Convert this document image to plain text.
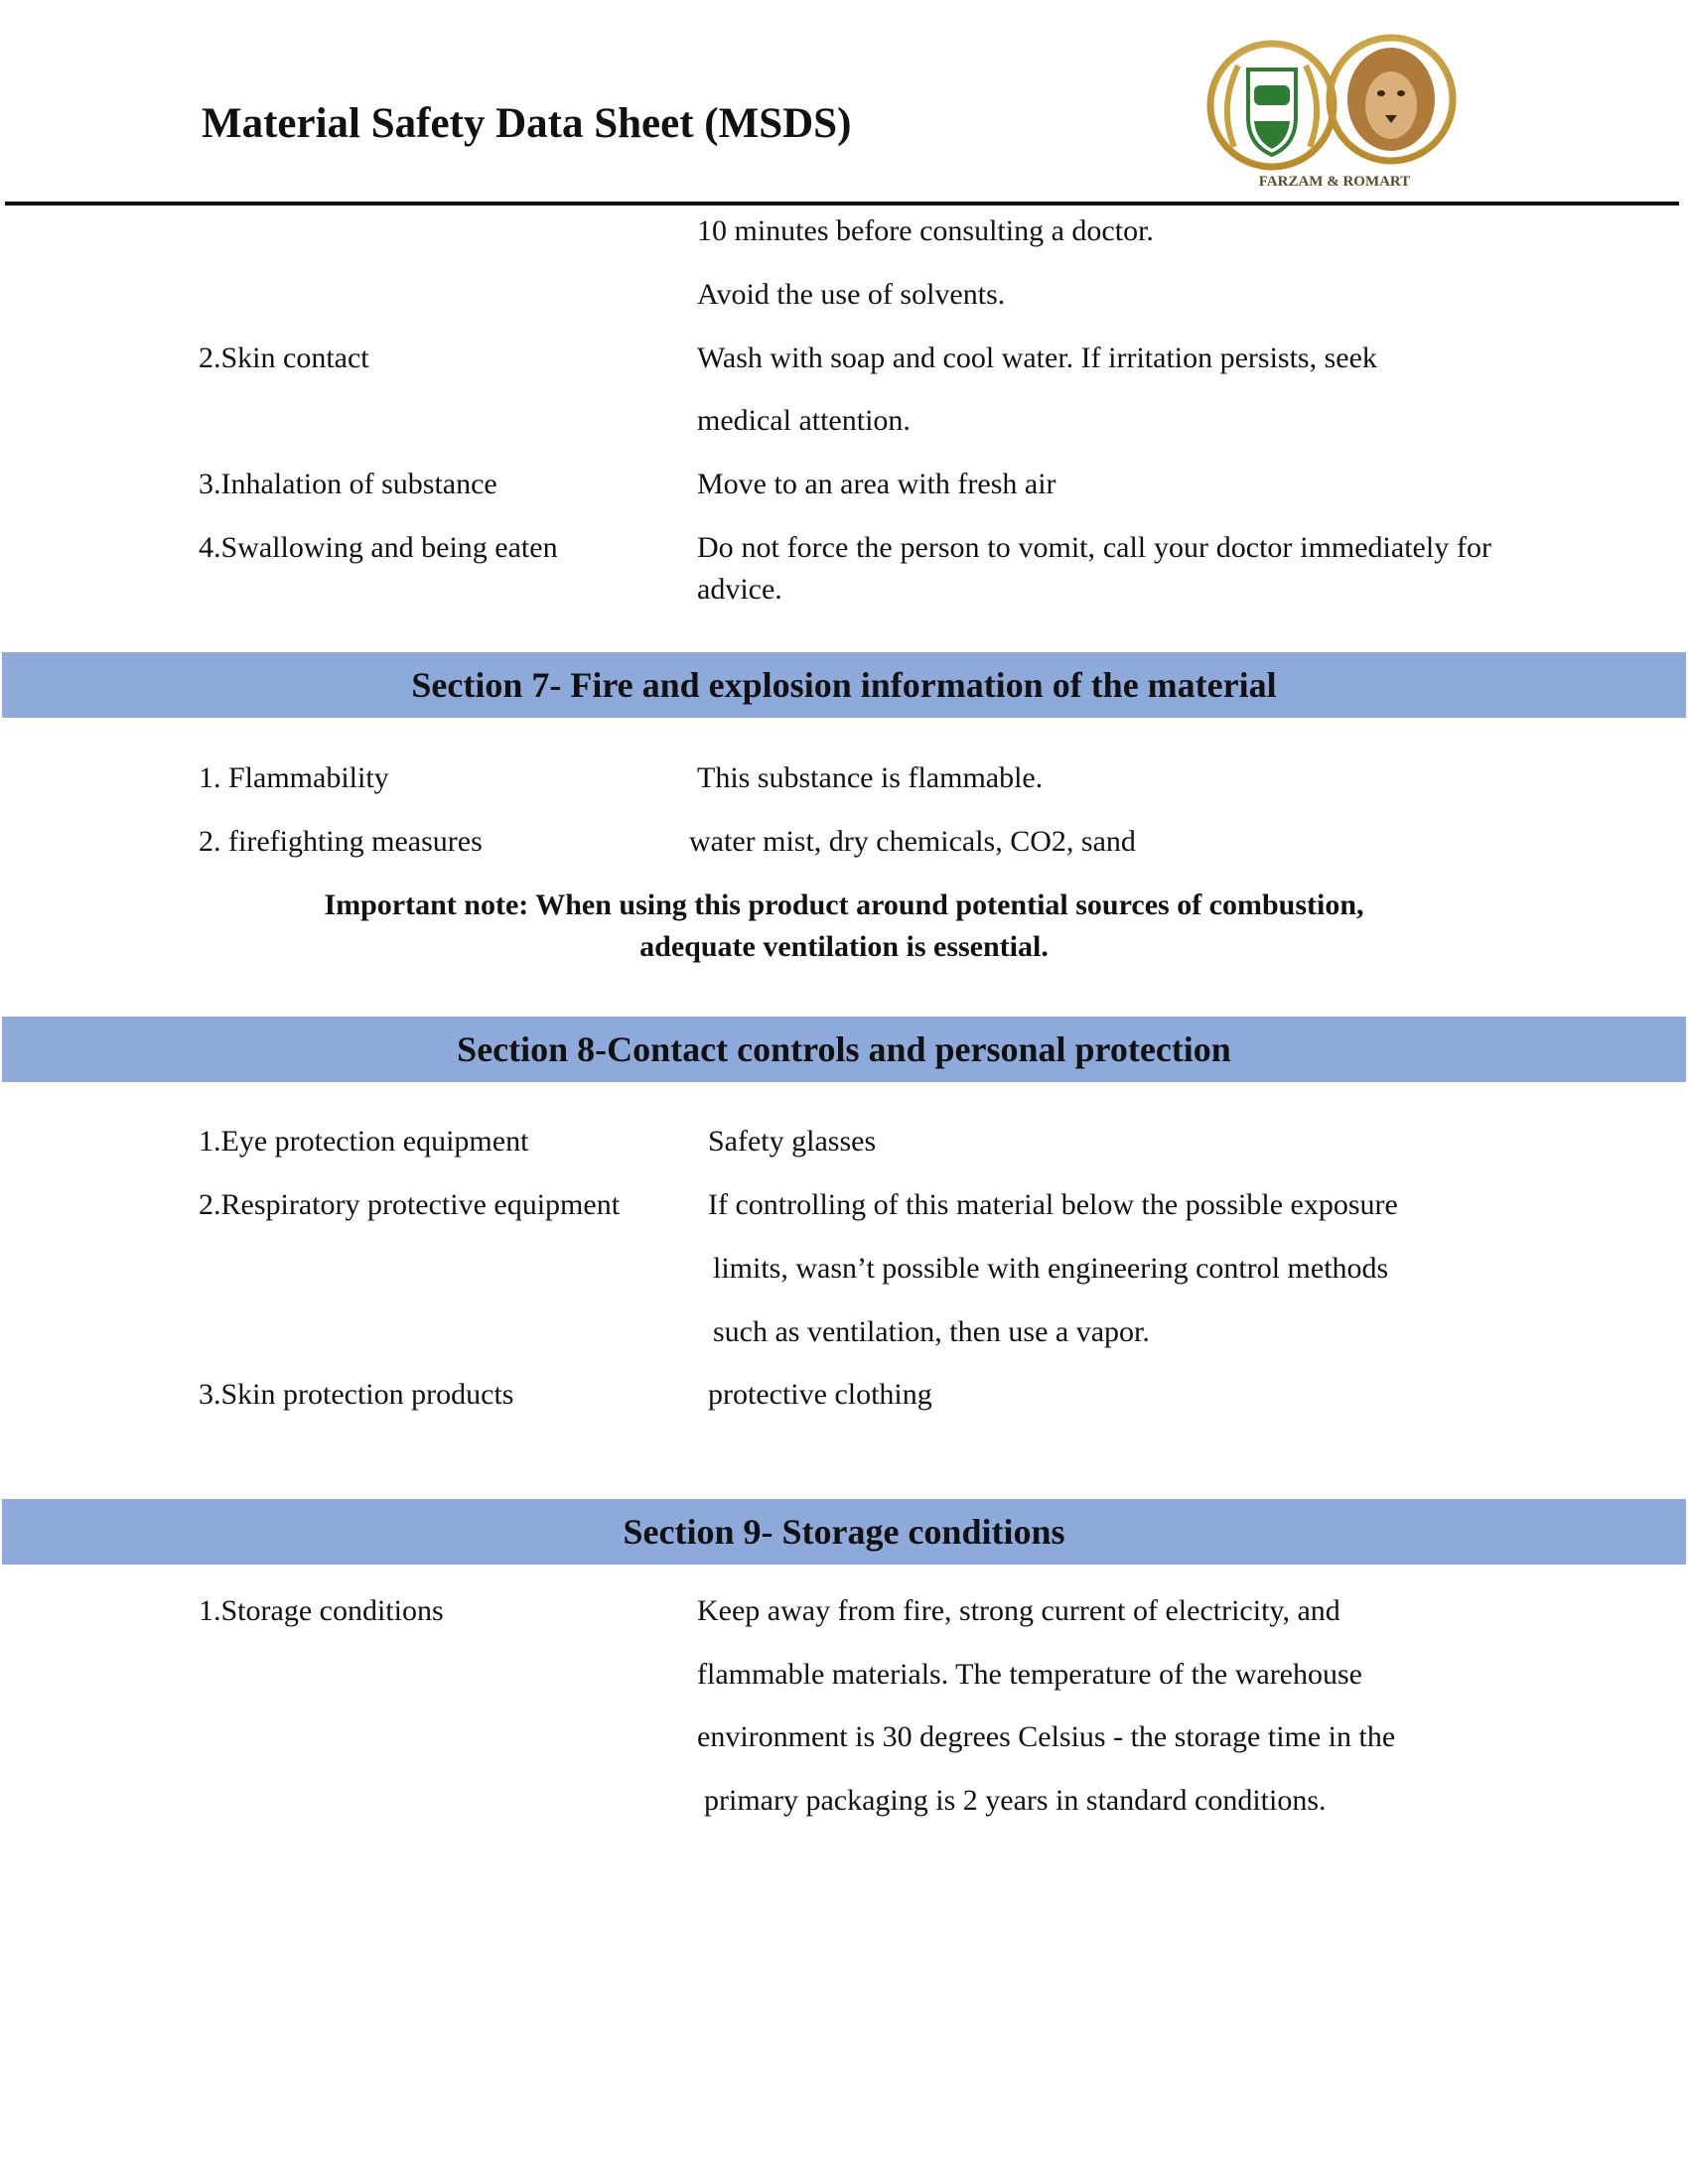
Material Safety Data Sheet (MSDS)
FARZAM & ROMART

10 minutes before consulting a doctor.

Avoid the use of solvents.

2.Skin contact	Wash with soap and cool water. If irritation persists, seek

medical attention.

3.Inhalation of substance	Move to an area with fresh air

4.Swallowing and being eaten	Do not force the person to vomit, call your doctor immediately for advice.

Section 7- Fire and explosion information of the material

1. Flammability	This substance is flammable.

2. firefighting measures	water mist, dry chemicals, CO2, sand

Important note: When using this product around potential sources of combustion,
adequate ventilation is essential.
Section 8-Contact controls and personal protection

1.Eye protection equipment	Safety glasses

2.Respiratory protective equipment	If controlling of this material below the possible exposure

limits, wasn’t possible with engineering control methods

such as ventilation, then use a vapor.

3.Skin protection products	protective clothing

Section 9- Storage conditions

1.Storage conditions	Keep away from fire, strong current of electricity, and

flammable materials. The temperature of the warehouse

environment is 30 degrees Celsius - the storage time in the

primary packaging is 2 years in standard conditions.
